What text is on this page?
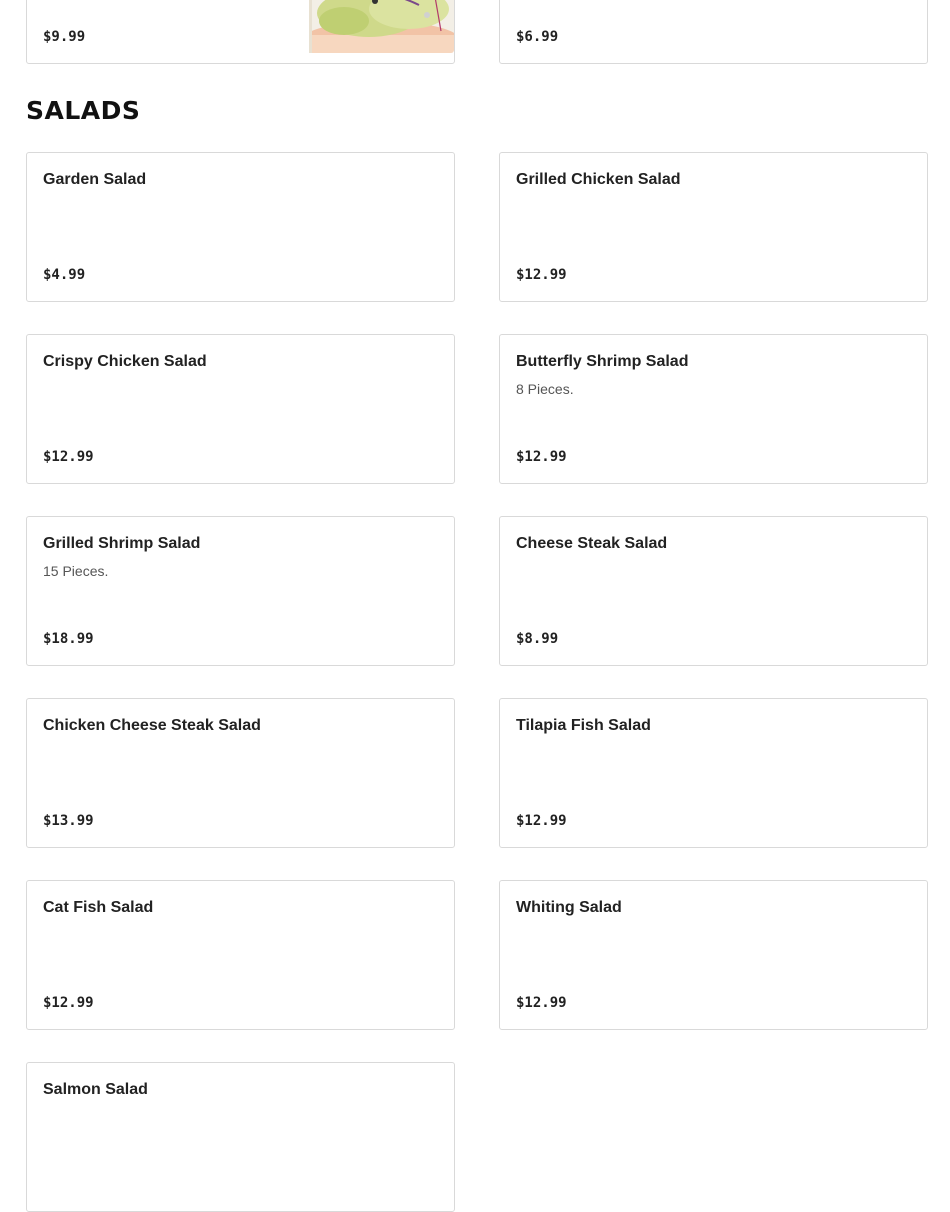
$9.99	$6.99
SALADS
Garden Salad
$4.99
Grilled Chicken Salad
$12.99
Crispy Chicken Salad
$12.99
Butterfly Shrimp Salad
8 Pieces.
$12.99
Grilled Shrimp Salad
15 Pieces.
$18.99
Cheese Steak Salad
$8.99
Chicken Cheese Steak Salad
$13.99
Tilapia Fish Salad
$12.99
Cat Fish Salad
$12.99
Whiting Salad
$12.99
Salmon Salad
